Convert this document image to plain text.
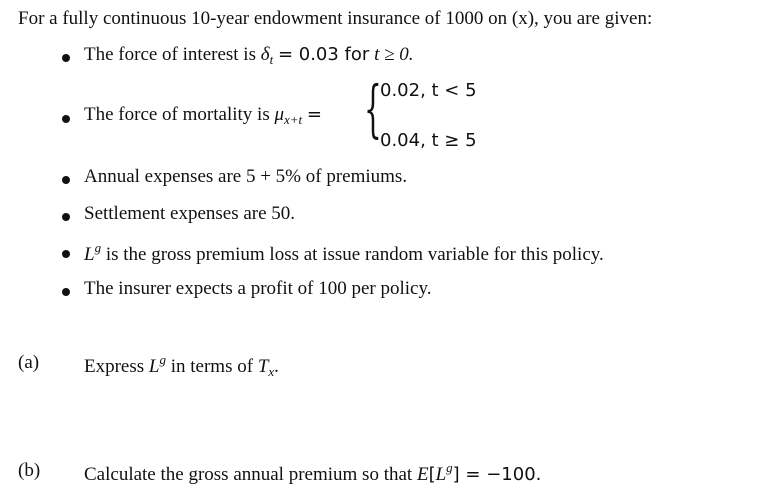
For a fully continuous 10-year endowment insurance of 1000 on (x), you are given:
The force of interest is $\delta_t = 0.03$ for t ≥ 0.
The force of mortality is $\mu_{x+t}$ = {
0.02, t < 5
0.04, t ≥ 5
Annual expenses are 5 + 5% of premiums.
Settlement expenses are 50.
$L^g$ is the gross premium loss at issue random variable for this policy.
The insurer expects a profit of 100 per policy.
(a) Express $L^g$ in terms of $T_x$.
(b) Calculate the gross annual premium so that $E[L^g] = -100$.
